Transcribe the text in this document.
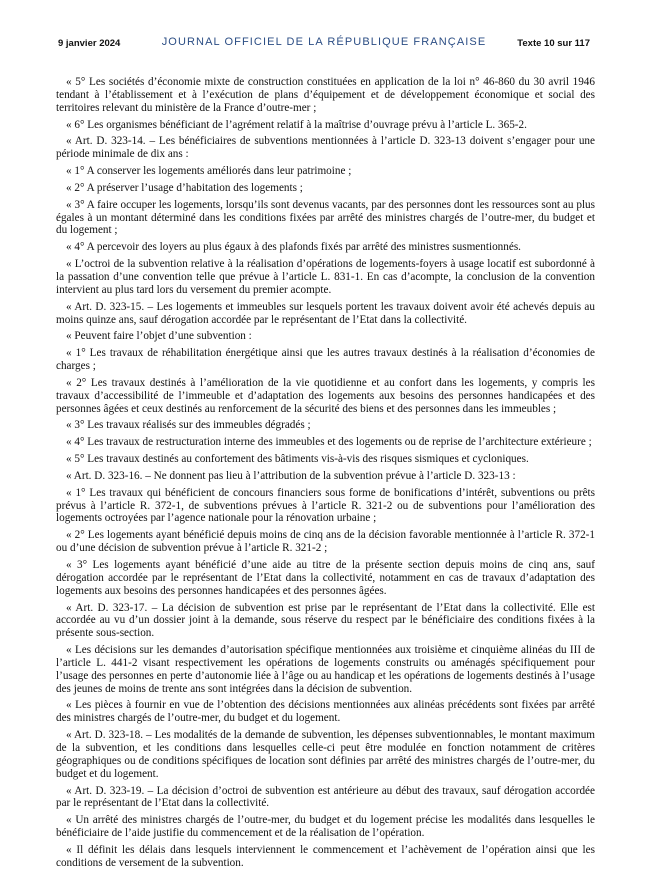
9 janvier 2024	JOURNAL OFFICIEL DE LA RÉPUBLIQUE FRANÇAISE	Texte 10 sur 117

« 5° Les sociétés d’économie mixte de construction constituées en application de la loi n° 46-860 du 30 avril 1946 tendant à l’établissement et à l’exécution de plans d’équipement et de développement économique et social des territoires relevant du ministère de la France d’outre-mer ;

« 6° Les organismes bénéficiant de l’agrément relatif à la maîtrise d’ouvrage prévu à l’article L. 365-2.

« Art. D. 323-14. – Les bénéficiaires de subventions mentionnées à l’article D. 323-13 doivent s’engager pour une période minimale de dix ans :

« 1° A conserver les logements améliorés dans leur patrimoine ;

« 2° A préserver l’usage d’habitation des logements ;

« 3° A faire occuper les logements, lorsqu’ils sont devenus vacants, par des personnes dont les ressources sont au plus égales à un montant déterminé dans les conditions fixées par arrêté des ministres chargés de l’outre-mer, du budget et du logement ;

« 4° A percevoir des loyers au plus égaux à des plafonds fixés par arrêté des ministres susmentionnés.

« L’octroi de la subvention relative à la réalisation d’opérations de logements-foyers à usage locatif est subordonné à la passation d’une convention telle que prévue à l’article L. 831-1. En cas d’acompte, la conclusion de la convention intervient au plus tard lors du versement du premier acompte.

« Art. D. 323-15. – Les logements et immeubles sur lesquels portent les travaux doivent avoir été achevés depuis au moins quinze ans, sauf dérogation accordée par le représentant de l’Etat dans la collectivité.

« Peuvent faire l’objet d’une subvention :

« 1° Les travaux de réhabilitation énergétique ainsi que les autres travaux destinés à la réalisation d’économies de charges ;

« 2° Les travaux destinés à l’amélioration de la vie quotidienne et au confort dans les logements, y compris les travaux d’accessibilité de l’immeuble et d’adaptation des logements aux besoins des personnes handicapées et des personnes âgées et ceux destinés au renforcement de la sécurité des biens et des personnes dans les immeubles ;

« 3° Les travaux réalisés sur des immeubles dégradés ;

« 4° Les travaux de restructuration interne des immeubles et des logements ou de reprise de l’architecture extérieure ;

« 5° Les travaux destinés au confortement des bâtiments vis-à-vis des risques sismiques et cycloniques.

« Art. D. 323-16. – Ne donnent pas lieu à l’attribution de la subvention prévue à l’article D. 323-13 :

« 1° Les travaux qui bénéficient de concours financiers sous forme de bonifications d’intérêt, subventions ou prêts prévus à l’article R. 372-1, de subventions prévues à l’article R. 321-2 ou de subventions pour l’amélioration des logements octroyées par l’agence nationale pour la rénovation urbaine ;

« 2° Les logements ayant bénéficié depuis moins de cinq ans de la décision favorable mentionnée à l’article R. 372-1 ou d’une décision de subvention prévue à l’article R. 321-2 ;

« 3° Les logements ayant bénéficié d’une aide au titre de la présente section depuis moins de cinq ans, sauf dérogation accordée par le représentant de l’Etat dans la collectivité, notamment en cas de travaux d’adaptation des logements aux besoins des personnes handicapées et des personnes âgées.

« Art. D. 323-17. – La décision de subvention est prise par le représentant de l’Etat dans la collectivité. Elle est accordée au vu d’un dossier joint à la demande, sous réserve du respect par le bénéficiaire des conditions fixées à la présente sous-section.

« Les décisions sur les demandes d’autorisation spécifique mentionnées aux troisième et cinquième alinéas du III de l’article L. 441-2 visant respectivement les opérations de logements construits ou aménagés spécifiquement pour l’usage des personnes en perte d’autonomie liée à l’âge ou au handicap et les opérations de logements destinés à l’usage des jeunes de moins de trente ans sont intégrées dans la décision de subvention.

« Les pièces à fournir en vue de l’obtention des décisions mentionnées aux alinéas précédents sont fixées par arrêté des ministres chargés de l’outre-mer, du budget et du logement.

« Art. D. 323-18. – Les modalités de la demande de subvention, les dépenses subventionnables, le montant maximum de la subvention, et les conditions dans lesquelles celle-ci peut être modulée en fonction notamment de critères géographiques ou de conditions spécifiques de location sont définies par arrêté des ministres chargés de l’outre-mer, du budget et du logement.

« Art. D. 323-19. – La décision d’octroi de subvention est antérieure au début des travaux, sauf dérogation accordée par le représentant de l’Etat dans la collectivité.

« Un arrêté des ministres chargés de l’outre-mer, du budget et du logement précise les modalités dans lesquelles le bénéficiaire de l’aide justifie du commencement et de la réalisation de l’opération.

« Il définit les délais dans lesquels interviennent le commencement et l’achèvement de l’opération ainsi que les conditions de versement de la subvention.
